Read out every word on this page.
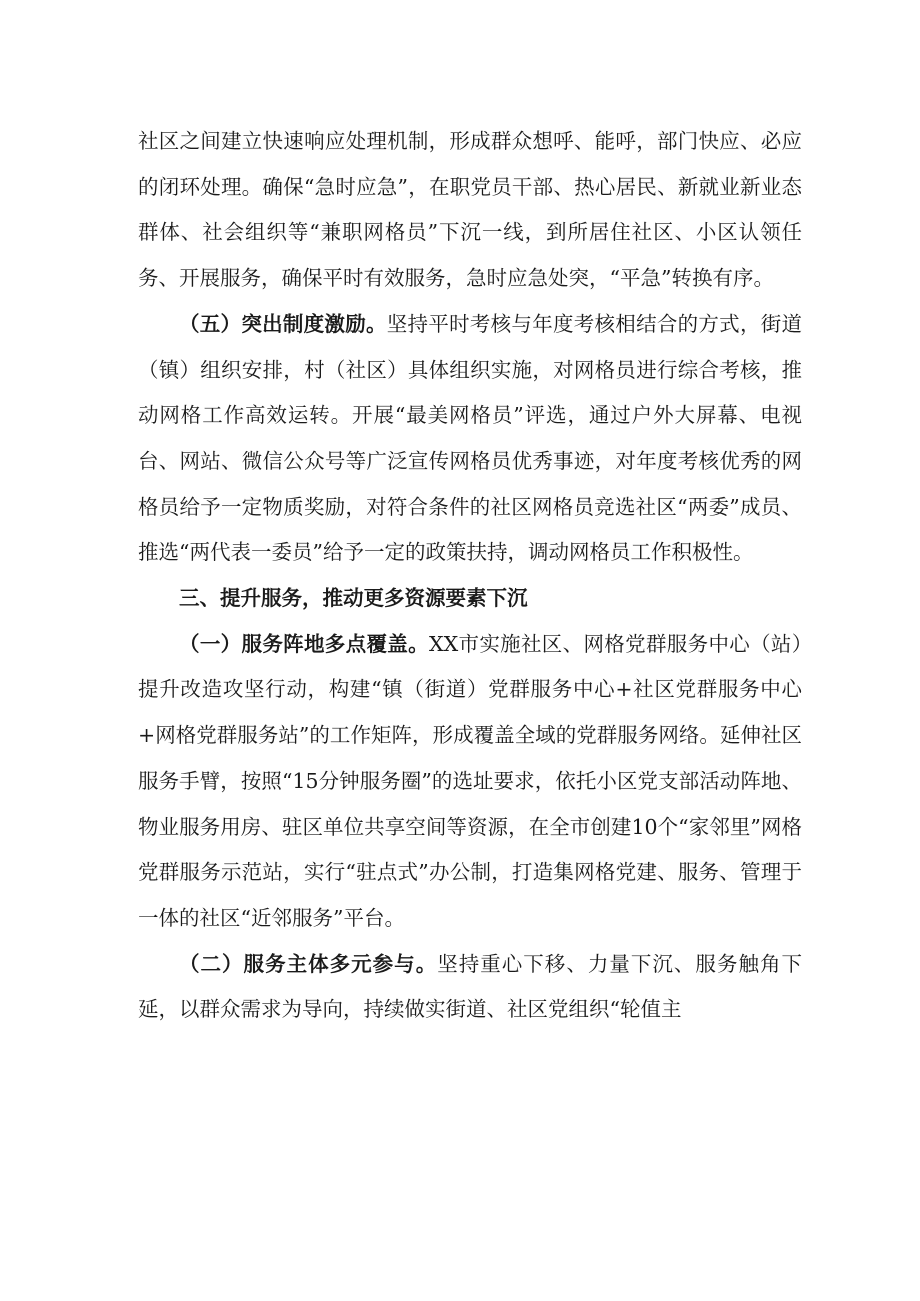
社区之间建立快速响应处理机制，形成群众想呼、能呼，部门快应、必应的闭环处理。确保“急时应急”，在职党员干部、热心居民、新就业新业态群体、社会组织等“兼职网格员”下沉一线，到所居住社区、小区认领任务、开展服务，确保平时有效服务，急时应急处突，“平急”转换有序。

（五）突出制度激励。坚持平时考核与年度考核相结合的方式，街道（镇）组织安排，村（社区）具体组织实施，对网格员进行综合考核，推动网格工作高效运转。开展“最美网格员”评选，通过户外大屏幕、电视台、网站、微信公众号等广泛宣传网格员优秀事迹，对年度考核优秀的网格员给予一定物质奖励，对符合条件的社区网格员竞选社区“两委”成员、推选“两代表一委员”给予一定的政策扶持，调动网格员工作积极性。

三、提升服务，推动更多资源要素下沉

（一）服务阵地多点覆盖。XX市实施社区、网格党群服务中心（站）提升改造攻坚行动，构建“镇（街道）党群服务中心+社区党群服务中心+网格党群服务站”的工作矩阵，形成覆盖全域的党群服务网络。延伸社区服务手臂，按照“15分钟服务圈”的选址要求，依托小区党支部活动阵地、物业服务用房、驻区单位共享空间等资源，在全市创建10个“家邻里”网格党群服务示范站，实行“驻点式”办公制，打造集网格党建、服务、管理于一体的社区“近邻服务”平台。

（二）服务主体多元参与。坚持重心下移、力量下沉、服务触角下延，以群众需求为导向，持续做实街道、社区党组织“轮值主
